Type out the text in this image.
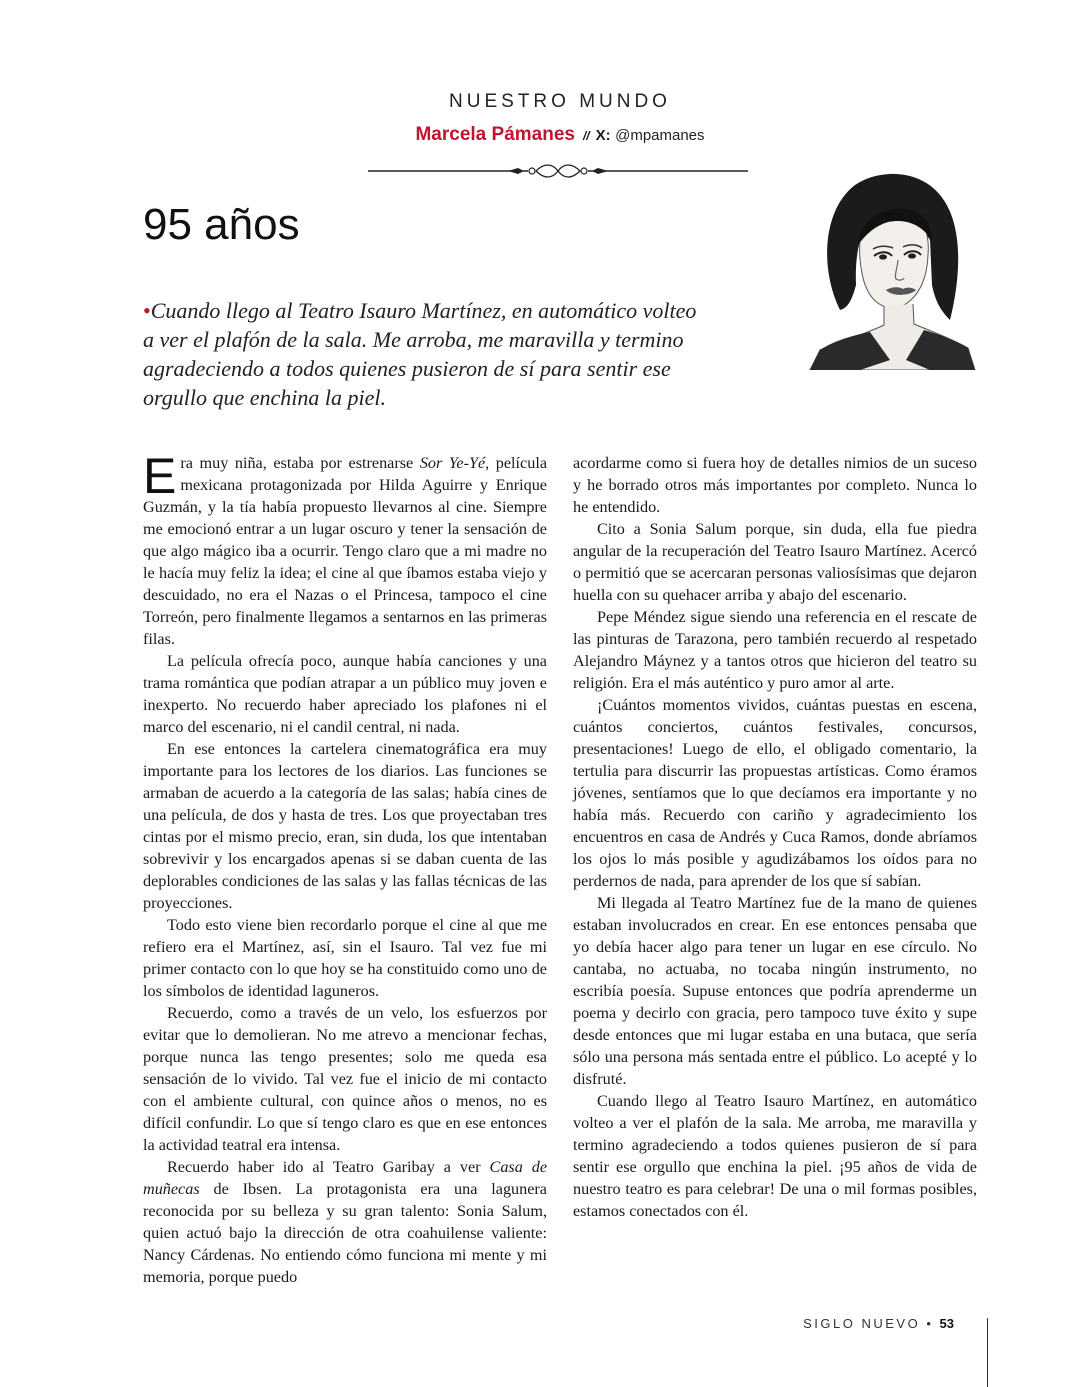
NUESTRO MUNDO
Marcela Pámanes // X: @mpamanes
95 años

•Cuando llego al Teatro Isauro Martínez, en automático volteo a ver el plafón de la sala. Me arroba, me maravilla y termino agradeciendo a todos quienes pusieron de sí para sentir ese orgullo que enchina la piel.

Era muy niña, estaba por estrenarse Sor Ye-Yé, película mexicana protagonizada por Hilda Aguirre y Enrique Guzmán, y la tía había propuesto llevarnos al cine. Siempre me emocionó entrar a un lugar oscuro y tener la sensación de que algo mágico iba a ocurrir. Tengo claro que a mi madre no le hacía muy feliz la idea; el cine al que íbamos estaba viejo y descuidado, no era el Nazas o el Princesa, tampoco el cine Torreón, pero finalmente llegamos a sentarnos en las primeras filas.

La película ofrecía poco, aunque había canciones y una trama romántica que podían atrapar a un público muy joven e inexperto. No recuerdo haber apreciado los plafones ni el marco del escenario, ni el candil central, ni nada.

En ese entonces la cartelera cinematográfica era muy importante para los lectores de los diarios. Las funciones se armaban de acuerdo a la categoría de las salas; había cines de una película, de dos y hasta de tres. Los que proyectaban tres cintas por el mismo precio, eran, sin duda, los que intentaban sobrevivir y los encargados apenas si se daban cuenta de las deplorables condiciones de las salas y las fallas técnicas de las proyecciones.

Todo esto viene bien recordarlo porque el cine al que me refiero era el Martínez, así, sin el Isauro. Tal vez fue mi primer contacto con lo que hoy se ha constituido como uno de los símbolos de identidad laguneros.

Recuerdo, como a través de un velo, los esfuerzos por evitar que lo demolieran. No me atrevo a mencionar fechas, porque nunca las tengo presentes; solo me queda esa sensación de lo vivido. Tal vez fue el inicio de mi contacto con el ambiente cultural, con quince años o menos, no es difícil confundir. Lo que sí tengo claro es que en ese entonces la actividad teatral era intensa.

Recuerdo haber ido al Teatro Garibay a ver Casa de muñecas de Ibsen. La protagonista era una lagunera reconocida por su belleza y su gran talento: Sonia Salum, quien actuó bajo la dirección de otra coahuilense valiente: Nancy Cárdenas. No entiendo cómo funciona mi mente y mi memoria, porque puedo

acordarme como si fuera hoy de detalles nimios de un suceso y he borrado otros más importantes por completo. Nunca lo he entendido.

Cito a Sonia Salum porque, sin duda, ella fue piedra angular de la recuperación del Teatro Isauro Martínez. Acercó o permitió que se acercaran personas valiosísimas que dejaron huella con su quehacer arriba y abajo del escenario.

Pepe Méndez sigue siendo una referencia en el rescate de las pinturas de Tarazona, pero también recuerdo al respetado Alejandro Máynez y a tantos otros que hicieron del teatro su religión. Era el más auténtico y puro amor al arte.

¡Cuántos momentos vividos, cuántas puestas en escena, cuántos conciertos, cuántos festivales, concursos, presentaciones! Luego de ello, el obligado comentario, la tertulia para discurrir las propuestas artísticas. Como éramos jóvenes, sentíamos que lo que decíamos era importante y no había más. Recuerdo con cariño y agradecimiento los encuentros en casa de Andrés y Cuca Ramos, donde abríamos los ojos lo más posible y agudizábamos los oídos para no perdernos de nada, para aprender de los que sí sabían.

Mi llegada al Teatro Martínez fue de la mano de quienes estaban involucrados en crear. En ese entonces pensaba que yo debía hacer algo para tener un lugar en ese círculo. No cantaba, no actuaba, no tocaba ningún instrumento, no escribía poesía. Supuse entonces que podría aprenderme un poema y decirlo con gracia, pero tampoco tuve éxito y supe desde entonces que mi lugar estaba en una butaca, que sería sólo una persona más sentada entre el público. Lo acepté y lo disfruté.

Cuando llego al Teatro Isauro Martínez, en automático volteo a ver el plafón de la sala. Me arroba, me maravilla y termino agradeciendo a todos quienes pusieron de sí para sentir ese orgullo que enchina la piel. ¡95 años de vida de nuestro teatro es para celebrar! De una o mil formas posibles, estamos conectados con él.

SIGLO NUEVO • 53
